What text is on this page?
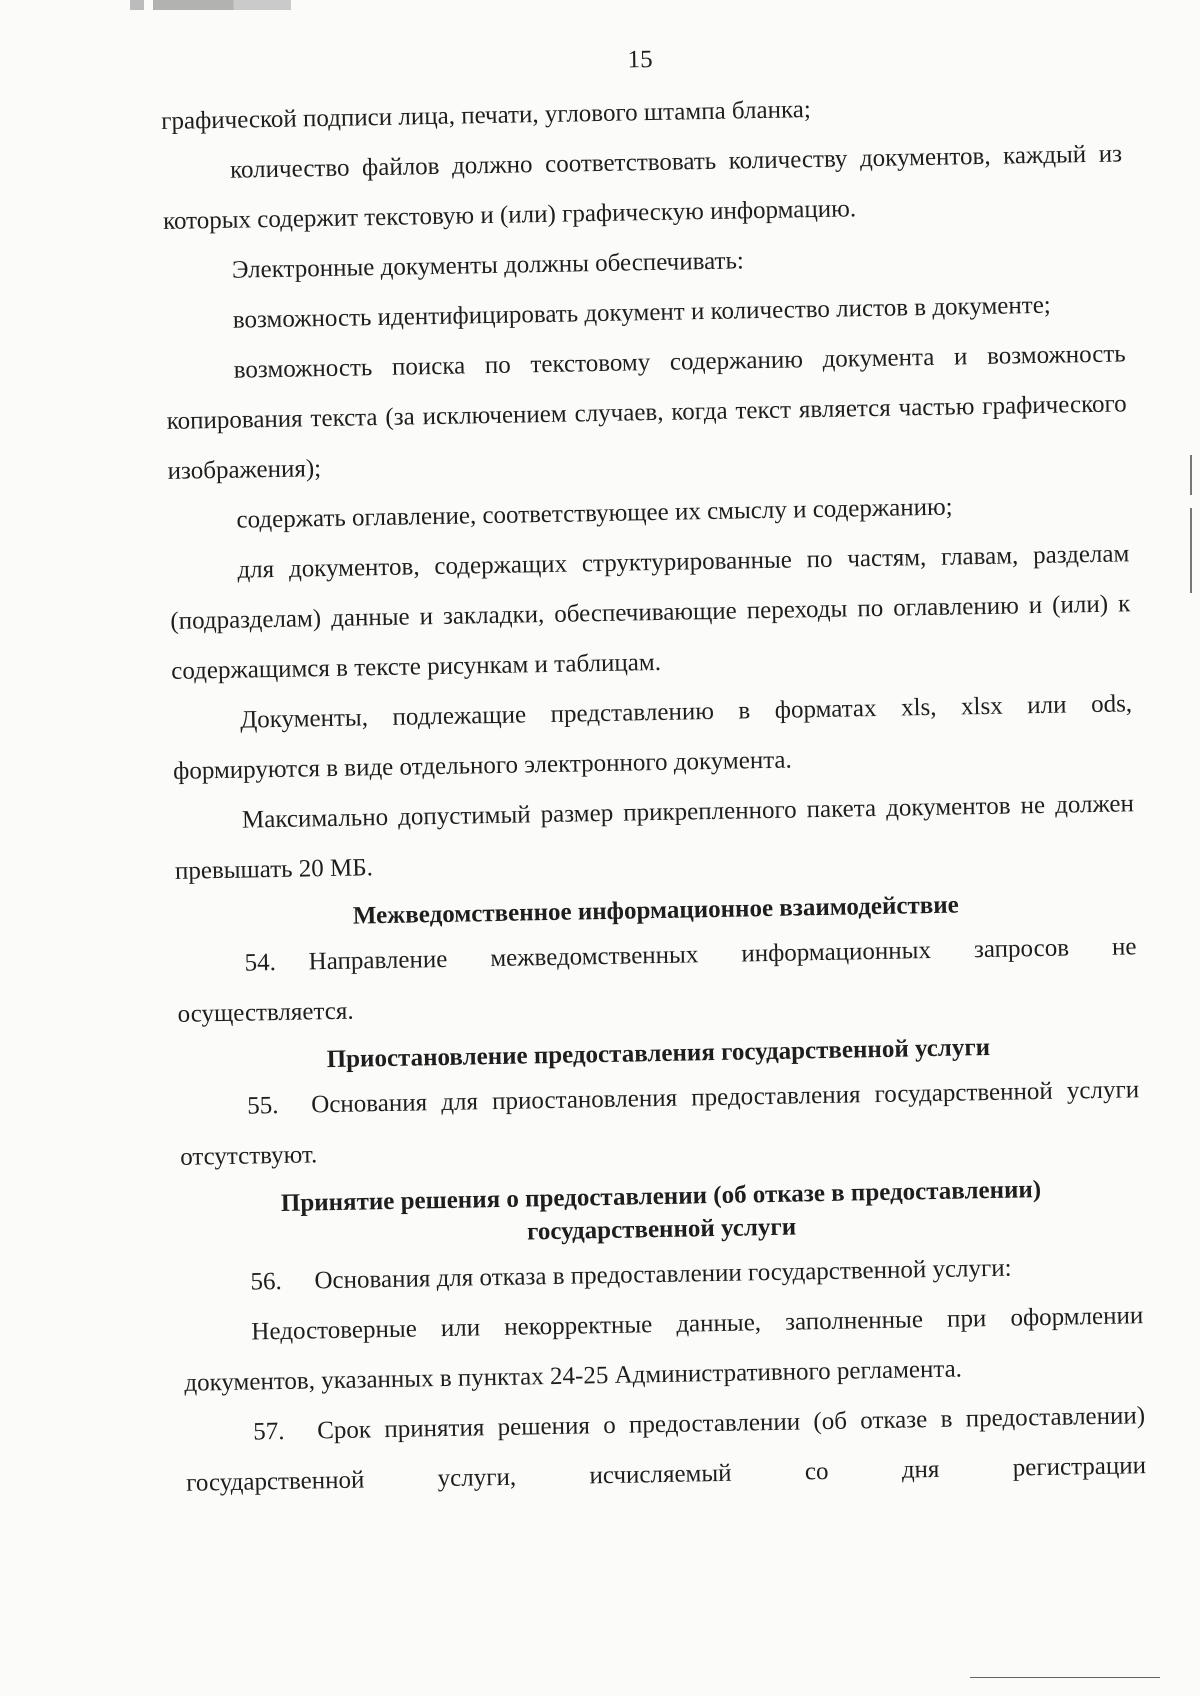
15

графической подписи лица, печати, углового штампа бланка;

количество файлов должно соответствовать количеству документов, каждый из которых содержит текстовую и (или) графическую информацию.

Электронные документы должны обеспечивать:

возможность идентифицировать документ и количество листов в документе;

возможность поиска по текстовому содержанию документа и возможность копирования текста (за исключением случаев, когда текст является частью графического изображения);

содержать оглавление, соответствующее их смыслу и содержанию;

для документов, содержащих структурированные по частям, главам, разделам (подразделам) данные и закладки, обеспечивающие переходы по оглавлению и (или) к содержащимся в тексте рисункам и таблицам.

Документы, подлежащие представлению в форматах xls, xlsx или ods, формируются в виде отдельного электронного документа.

Максимально допустимый размер прикрепленного пакета документов не должен превышать 20 МБ.

Межведомственное информационное взаимодействие

54. Направление межведомственных информационных запросов не осуществляется.

Приостановление предоставления государственной услуги

55. Основания для приостановления предоставления государственной услуги отсутствуют.

Принятие решения о предоставлении (об отказе в предоставлении)
государственной услуги

56. Основания для отказа в предоставлении государственной услуги:

Недостоверные или некорректные данные, заполненные при оформлении документов, указанных в пунктах 24-25 Административного регламента.

57. Срок принятия решения о предоставлении (об отказе в предоставлении) государственной услуги, исчисляемый со дня регистрации
